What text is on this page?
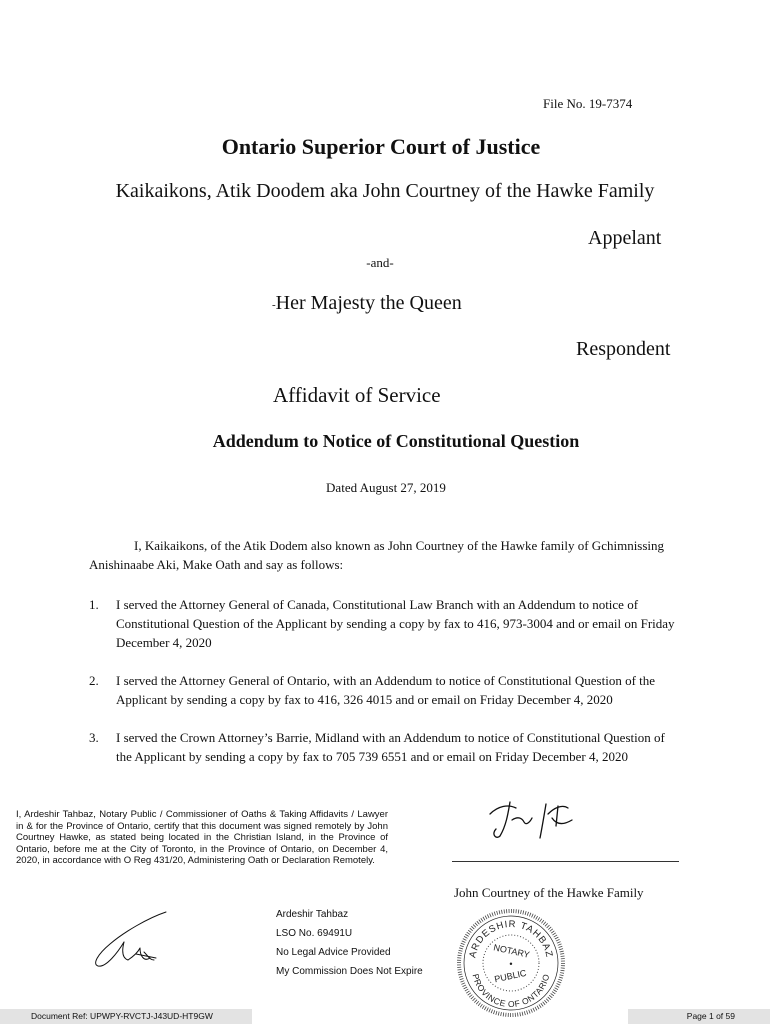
File No. 19-7374
Ontario Superior Court of Justice
Kaikaikons, Atik Doodem aka John Courtney of the Hawke Family
Appelant
-and-
-Her Majesty the Queen
Respondent
Affidavit of Service
Addendum to Notice of Constitutional Question
Dated August 27, 2019
I, Kaikaikons, of the Atik Dodem also known as John Courtney of the Hawke family of Gchimnissing Anishinaabe Aki, Make Oath and say as follows:
1. I served the Attorney General of Canada, Constitutional Law Branch with an Addendum to notice of Constitutional Question of the Applicant by sending a copy by fax to 416, 973-3004 and or email on Friday December 4, 2020
2. I served the Attorney General of Ontario, with an Addendum to notice of Constitutional Question of the Applicant by sending a copy by fax to 416, 326 4015 and or email on Friday December 4, 2020
3. I served the Crown Attorney’s Barrie, Midland with an Addendum to notice of Constitutional Question of the Applicant by sending a copy by fax to 705 739 6551 and or email on Friday December 4, 2020
I, Ardeshir Tahbaz, Notary Public / Commissioner of Oaths & Taking Affidavits / Lawyer in & for the Province of Ontario, certify that this document was signed remotely by John Courtney Hawke, as stated being located in the Christian Island, in the Province of Ontario, before me at the City of Toronto, in the Province of Ontario, on December 4, 2020, in accordance with O Reg 431/20, Administering Oath or Declaration Remotely.
John Courtney of the Hawke Family
Ardeshir Tahbaz
LSO No. 69491U
No Legal Advice Provided
My Commission Does Not Expire
ARDESHIR TAHBAZ
PROVINCE OF ONTARIO
NOTARY
•
PUBLIC
Document Ref: UPWPY-RVCTJ-J43UD-HT9GW	Page 1 of 59
